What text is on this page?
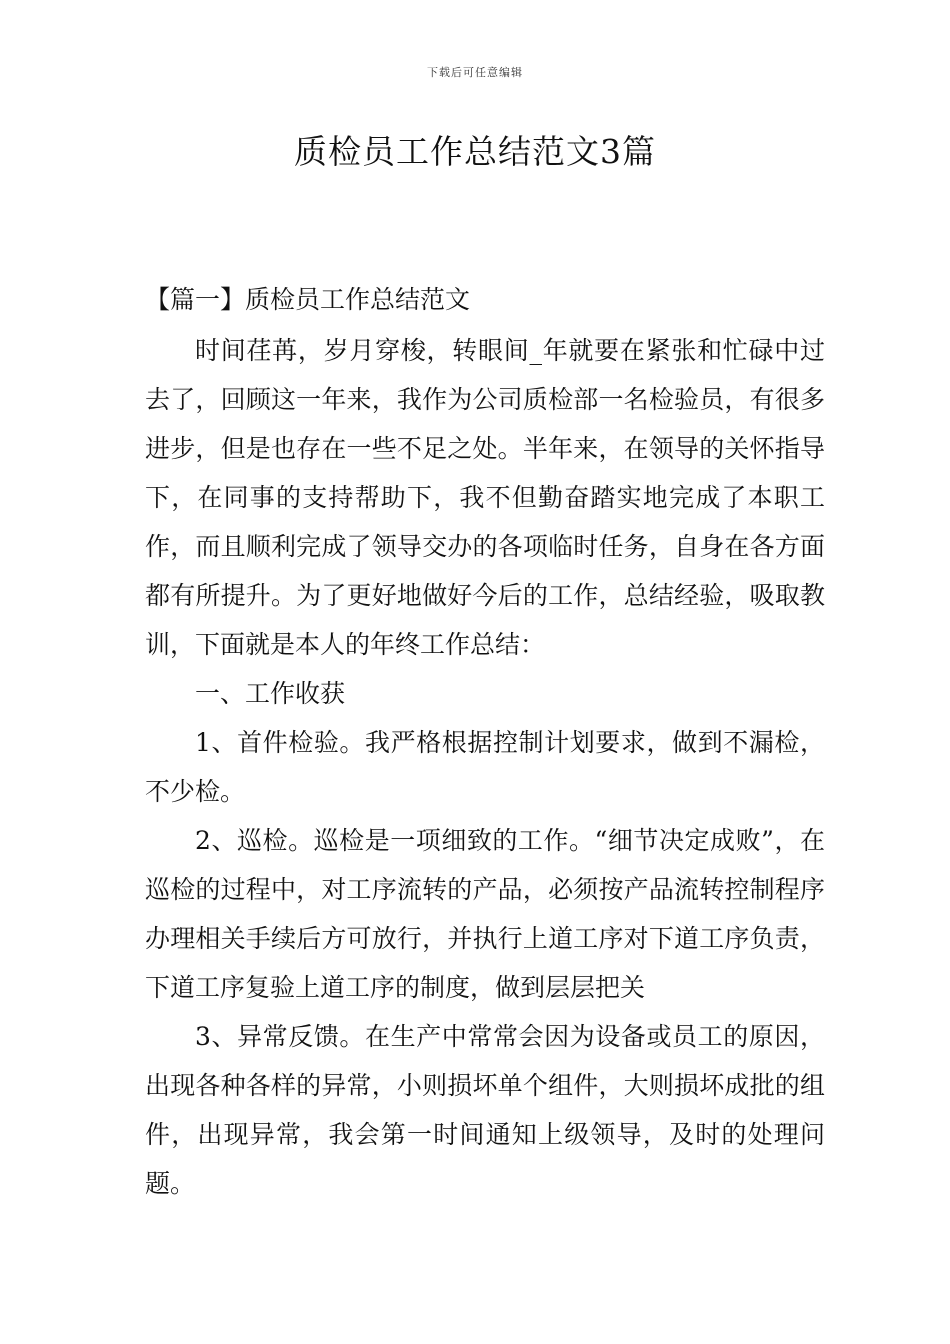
下载后可任意编辑
质检员工作总结范文3篇

【篇一】质检员工作总结范文

时间荏苒，岁月穿梭，转眼间_年就要在紧张和忙碌中过去了，回顾这一年来，我作为公司质检部一名检验员，有很多进步，但是也存在一些不足之处。半年来，在领导的关怀指导下，在同事的支持帮助下，我不但勤奋踏实地完成了本职工作，而且顺利完成了领导交办的各项临时任务，自身在各方面都有所提升。为了更好地做好今后的工作，总结经验，吸取教训，下面就是本人的年终工作总结：

一、工作收获

1、首件检验。我严格根据控制计划要求，做到不漏检，不少检。

2、巡检。巡检是一项细致的工作。“细节决定成败”，在巡检的过程中，对工序流转的产品，必须按产品流转控制程序办理相关手续后方可放行，并执行上道工序对下道工序负责，下道工序复验上道工序的制度，做到层层把关

3、异常反馈。在生产中常常会因为设备或员工的原因，出现各种各样的异常，小则损坏单个组件，大则损坏成批的组件，出现异常，我会第一时间通知上级领导，及时的处理问题。
